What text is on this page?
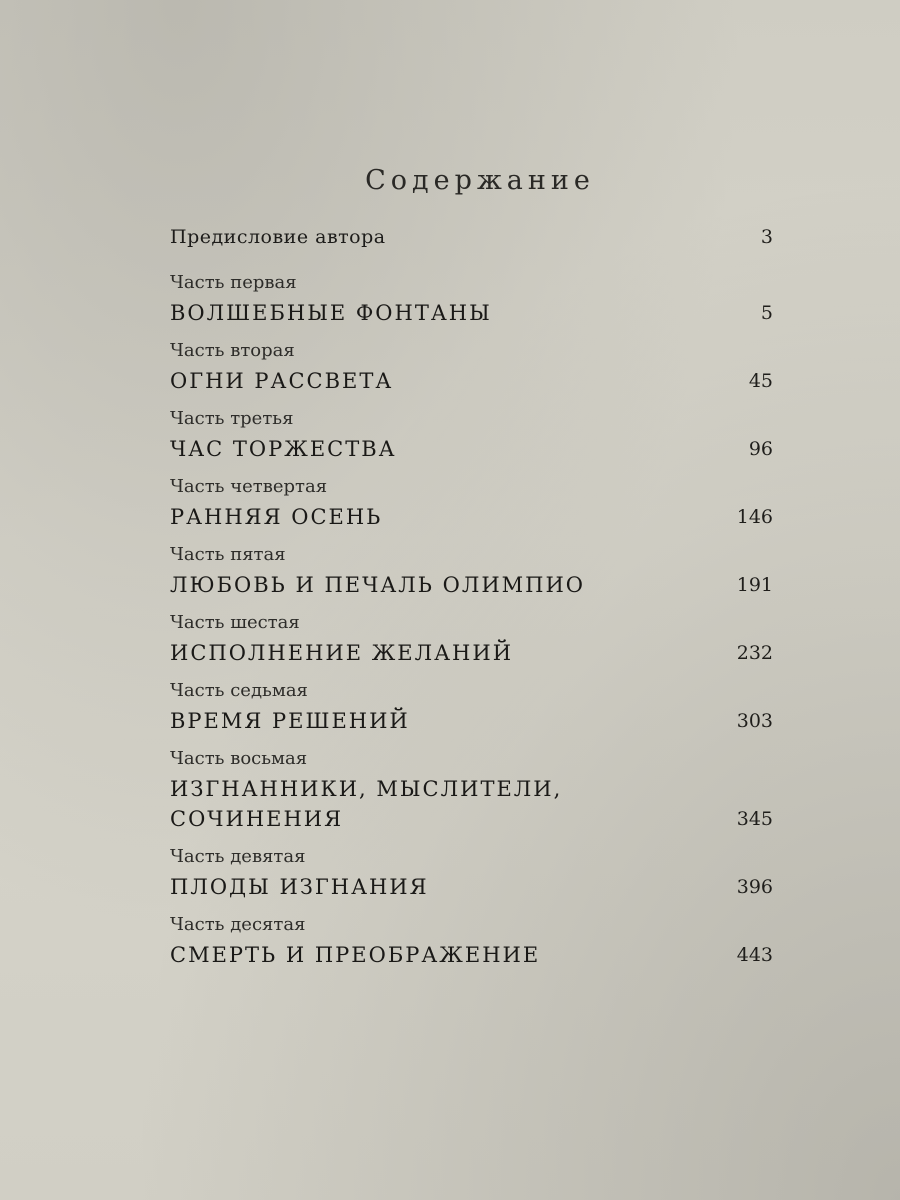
Содержание
Предисловие автора	3
Часть первая
ВОЛШЕБНЫЕ ФОНТАНЫ	5
Часть вторая
ОГНИ РАССВЕТА	45
Часть третья
ЧАС ТОРЖЕСТВА	96
Часть четвертая
РАННЯЯ ОСЕНЬ	146
Часть пятая
ЛЮБОВЬ И ПЕЧАЛЬ ОЛИМПИО	191
Часть шестая
ИСПОЛНЕНИЕ ЖЕЛАНИЙ	232
Часть седьмая
ВРЕМЯ РЕШЕНИЙ	303
Часть восьмая
ИЗГНАННИКИ, МЫСЛИТЕЛИ, СОЧИНЕНИЯ	345
Часть девятая
ПЛОДЫ ИЗГНАНИЯ	396
Часть десятая
СМЕРТЬ И ПРЕОБРАЖЕНИЕ	443
